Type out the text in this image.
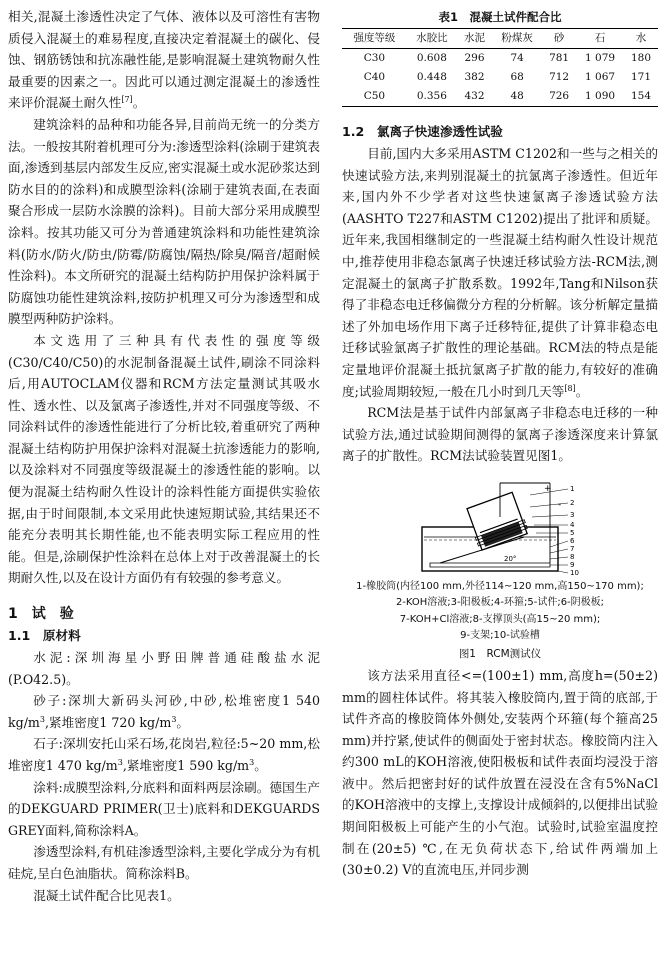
相关,混凝土渗透性决定了气体、液体以及可溶性有害物质侵入混凝土的难易程度,直接决定着混凝土的碳化、侵蚀、钢筋锈蚀和抗冻融性能,是影响混凝土建筑物耐久性最重要的因素之一。因此可以通过测定混凝土的渗透性来评价混凝土耐久性[7]。

建筑涂料的品种和功能各异,目前尚无统一的分类方法。一般按其附着机理可分为:渗透型涂料(涂刷于建筑表面,渗透到基层内部发生反应,密实混凝土或水泥砂浆达到防水目的的涂料)和成膜型涂料(涂刷于建筑表面,在表面聚合形成一层防水涂膜的涂料)。目前大部分采用成膜型涂料。按其功能又可分为普通建筑涂料和功能性建筑涂料(防水/防火/防虫/防霉/防腐蚀/隔热/除臭/隔音/超耐候性涂料)。本文所研究的混凝土结构防护用保护涂料属于防腐蚀功能性建筑涂料,按防护机理又可分为渗透型和成膜型两种防护涂料。

本文选用了三种具有代表性的强度等级(C30/C40/C50)的水泥制备混凝土试件,刷涂不同涂料后,用AUTOCLAM仪器和RCM方法定量测试其吸水性、透水性、以及氯离子渗透性,并对不同强度等级、不同涂料试件的渗透性能进行了分析比较,着重研究了两种混凝土结构防护用保护涂料对混凝土抗渗透能力的影响,以及涂料对不同强度等级混凝土的渗透性能的影响。以便为混凝土结构耐久性设计的涂料性能方面提供实验依据,由于时间限制,本文采用此快速短期试验,其结果还不能充分表明其长期性能,也不能表明实际工程应用的性能。但是,涂刷保护性涂料在总体上对于改善混凝土的长期耐久性,以及在设计方面仍有有较强的参考意义。

1　试　验
1.1　原材料

水泥:深圳海星小野田牌普通硅酸盐水泥(P.O42.5)。

砂子:深圳大新码头河砂,中砂,松堆密度1 540 $kg/m^3$,紧堆密度1 720 $kg/m^3$。

石子:深圳安托山采石场,花岗岩,粒径:5~20 mm,松堆密度1 470 $kg/m^3$,紧堆密度1 590 $kg/m^3$。

涂料:成膜型涂料,分底料和面料两层涂刷。德国生产的DEKGUARD PRIMER(卫士)底料和DEKGUARDS GREY面料,简称涂料A。

渗透型涂料,有机硅渗透型涂料,主要化学成分为有机硅烷,呈白色油脂状。简称涂料B。

混凝土试件配合比见表1。

表1　混凝土试件配合比
强度等级	水胶比	水泥	粉煤灰	砂	石	水
C30	0.608	296	74	781	1 079	180
C40	0.448	382	68	712	1 067	171
C50	0.356	432	48	726	1 090	154
1.2　氯离子快速渗透性试验

目前,国内大多采用ASTM C1202和一些与之相关的快速试验方法,来判别混凝土的抗氯离子渗透性。但近年来,国内外不少学者对这些快速氯离子渗透试验方法(AASHTO T227和ASTM C1202)提出了批评和质疑。近年来,我国相继制定的一些混凝土结构耐久性设计规范中,推荐使用非稳态氯离子快速迁移试验方法-RCM法,测定混凝土的氯离子扩散系数。1992年,Tang和Nilson获得了非稳态电迁移偏微分方程的分析解。该分析解定量描述了外加电场作用下离子迁移特征,提供了计算非稳态电迁移试验氯离子扩散性的理论基础。RCM法的特点是能定量地评价混凝土抵抗氯离子扩散的能力,有较好的准确度;试验周期较短,一般在几小时到几天等[8]。

RCM法是基于试件内部氯离子非稳态电迁移的一种试验方法,通过试验期间测得的氯离子渗透深度来计算氯离子的扩散性。RCM法试验装置见图1。

+
-
20°
1
2
3
4
5
6
7
8
9
10

1-橡胶筒(内径100 mm,外径114~120 mm,高150~170 mm);

2-KOH溶液;3-阳极板;4-环箍;5-试件;6-阴极板;

7-KOH+Cl溶液;8-支撑顶头(高15~20 mm);

9-支架;10-试验槽

图1　RCM测试仪

该方法采用直径<=(100±1) mm,高度h=(50±2) mm的圆柱体试件。将其装入橡胶筒内,置于筒的底部,于试件齐高的橡胶筒体外侧处,安装两个环箍(每个箍高25 mm)并拧紧,使试件的侧面处于密封状态。橡胶筒内注入约300 mL的KOH溶液,使阳极板和试件表面均浸没于溶液中。然后把密封好的试件放置在浸没在含有5%NaCl的KOH溶液中的支撑上,支撑设计成倾斜的,以便排出试验期间阳极板上可能产生的小气泡。试验时,试验室温度控制在(20±5) ℃,在无负荷状态下,给试件两端加上(30±0.2) V的直流电压,并同步测
